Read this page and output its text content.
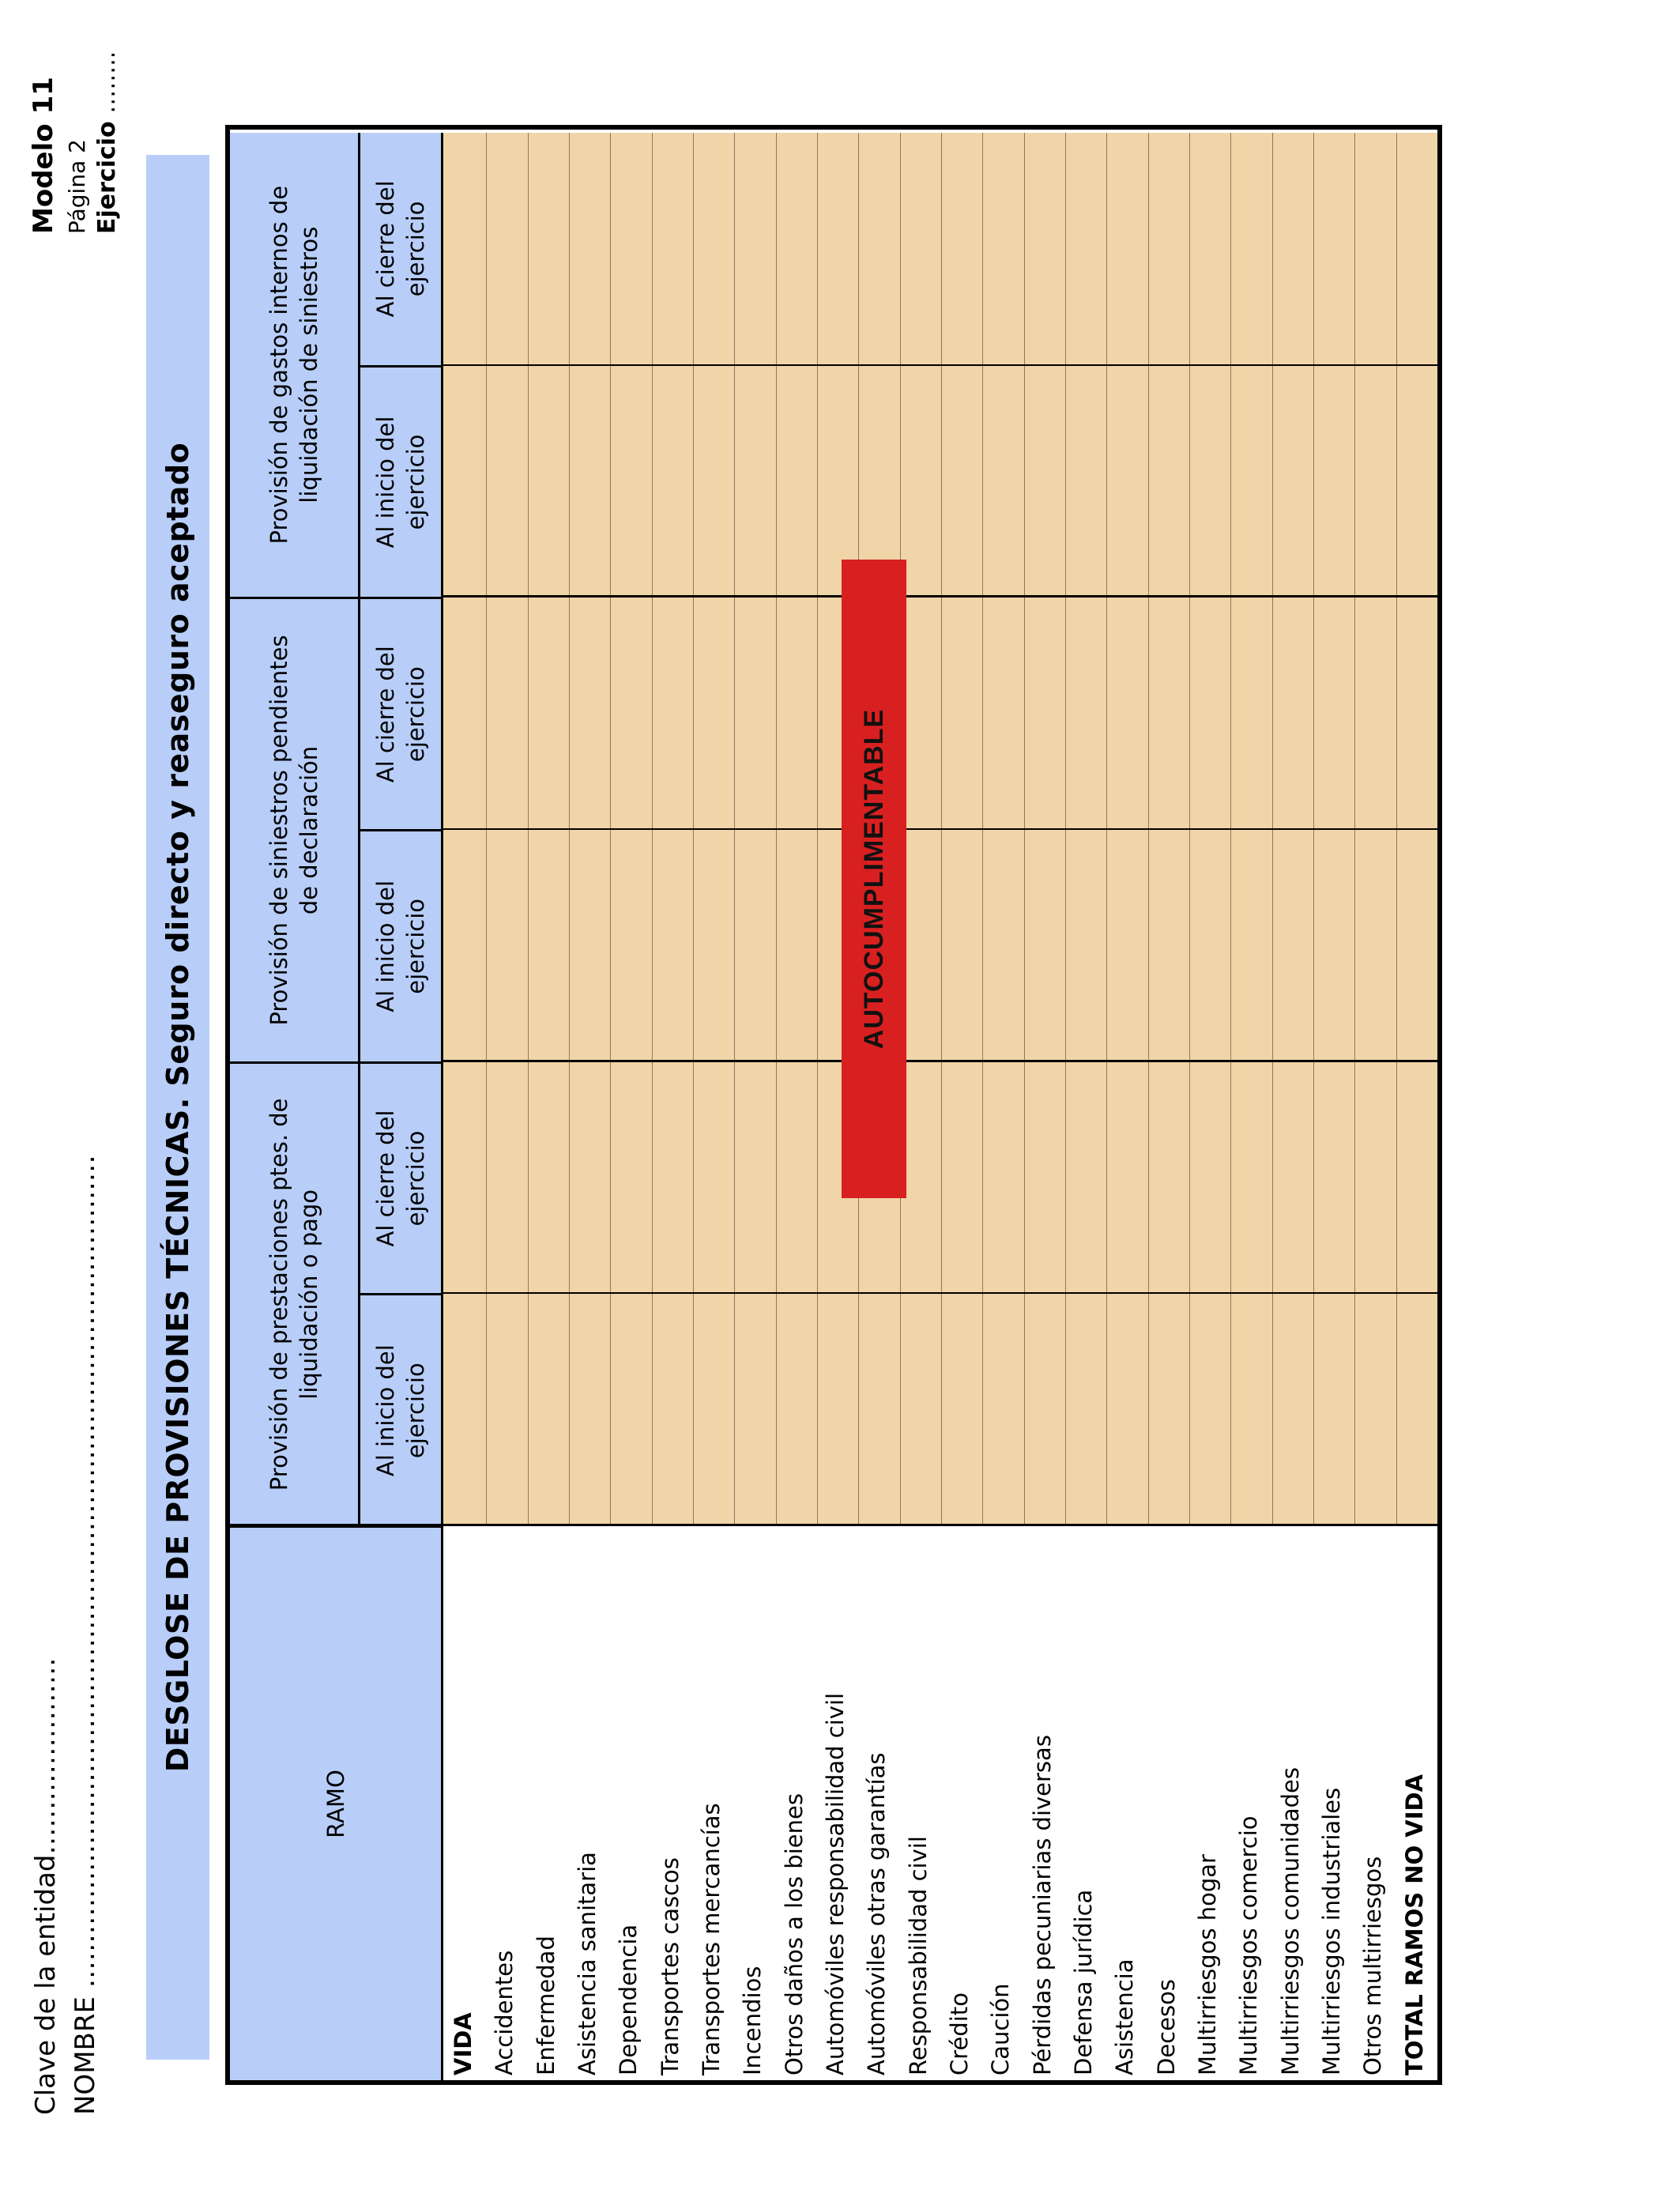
Clave de la entidad…………………. NOMBRE …………………………………………………………………………………
Modelo 11 Página 2 Ejercicio ……..
DESGLOSE DE PROVISIONES TÉCNICAS. Seguro directo y reaseguro aceptado
RAMO
Provisión de prestaciones ptes. de liquidación o pago
Al inicio del ejercicio
Al cierre del ejercicio
Provisión de siniestros pendientes de declaración
Al inicio del ejercicio
Al cierre del ejercicio
Provisión de gastos internos de liquidación de siniestros	Al inicio del ejercicio
Al cierre del ejercicio
VIDA Accidentes Enfermedad Asistencia sanitaria Dependencia Transportes cascos Transportes mercancías Incendios Otros daños a los bienes Automóviles responsabilidad civil Automóviles otras garantías Responsabilidad civil Crédito Caución Pérdidas pecuniarias diversas Defensa jurídica Asistencia Decesos Multirriesgos hogar Multirriesgos comercio Multirriesgos comunidades Multirriesgos industriales Otros multirriesgos TOTAL RAMOS NO VIDA
AUTOCUMPLIMENTABLE
